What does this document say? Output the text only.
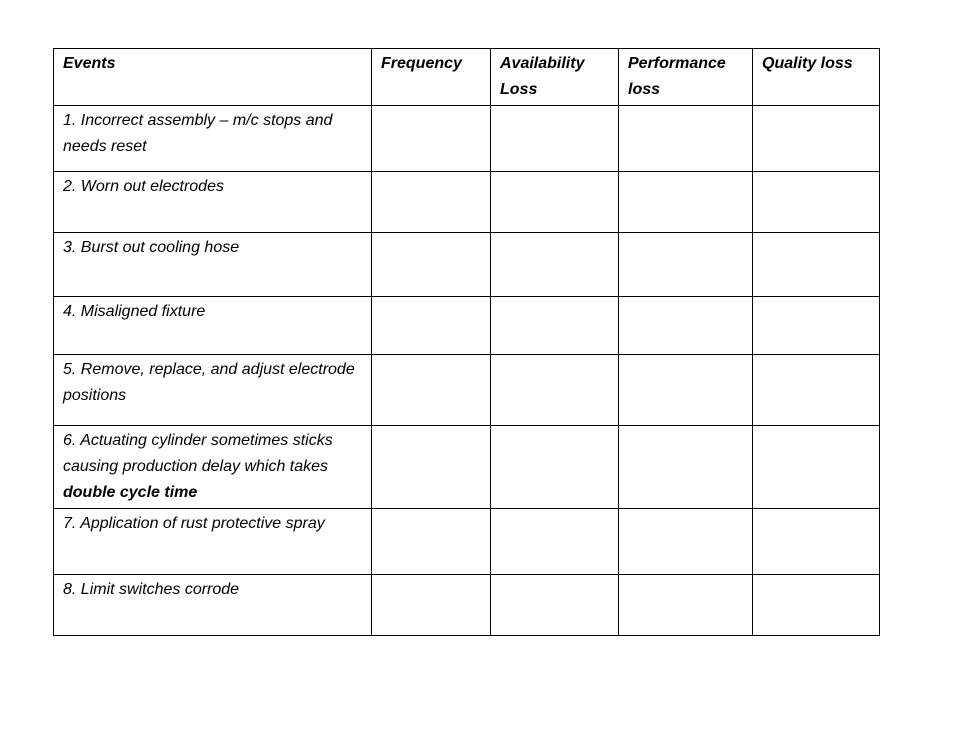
Events	Frequency	Availability Loss	Performance loss	Quality loss
1. Incorrect assembly – m/c stops and needs reset				
2. Worn out electrodes				
3. Burst out cooling hose				
4. Misaligned fixture				
5. Remove, replace, and adjust electrode positions				
6. Actuating cylinder sometimes sticks causing production delay which takes double cycle time				
7. Application of rust protective spray				
8. Limit switches corrode				
